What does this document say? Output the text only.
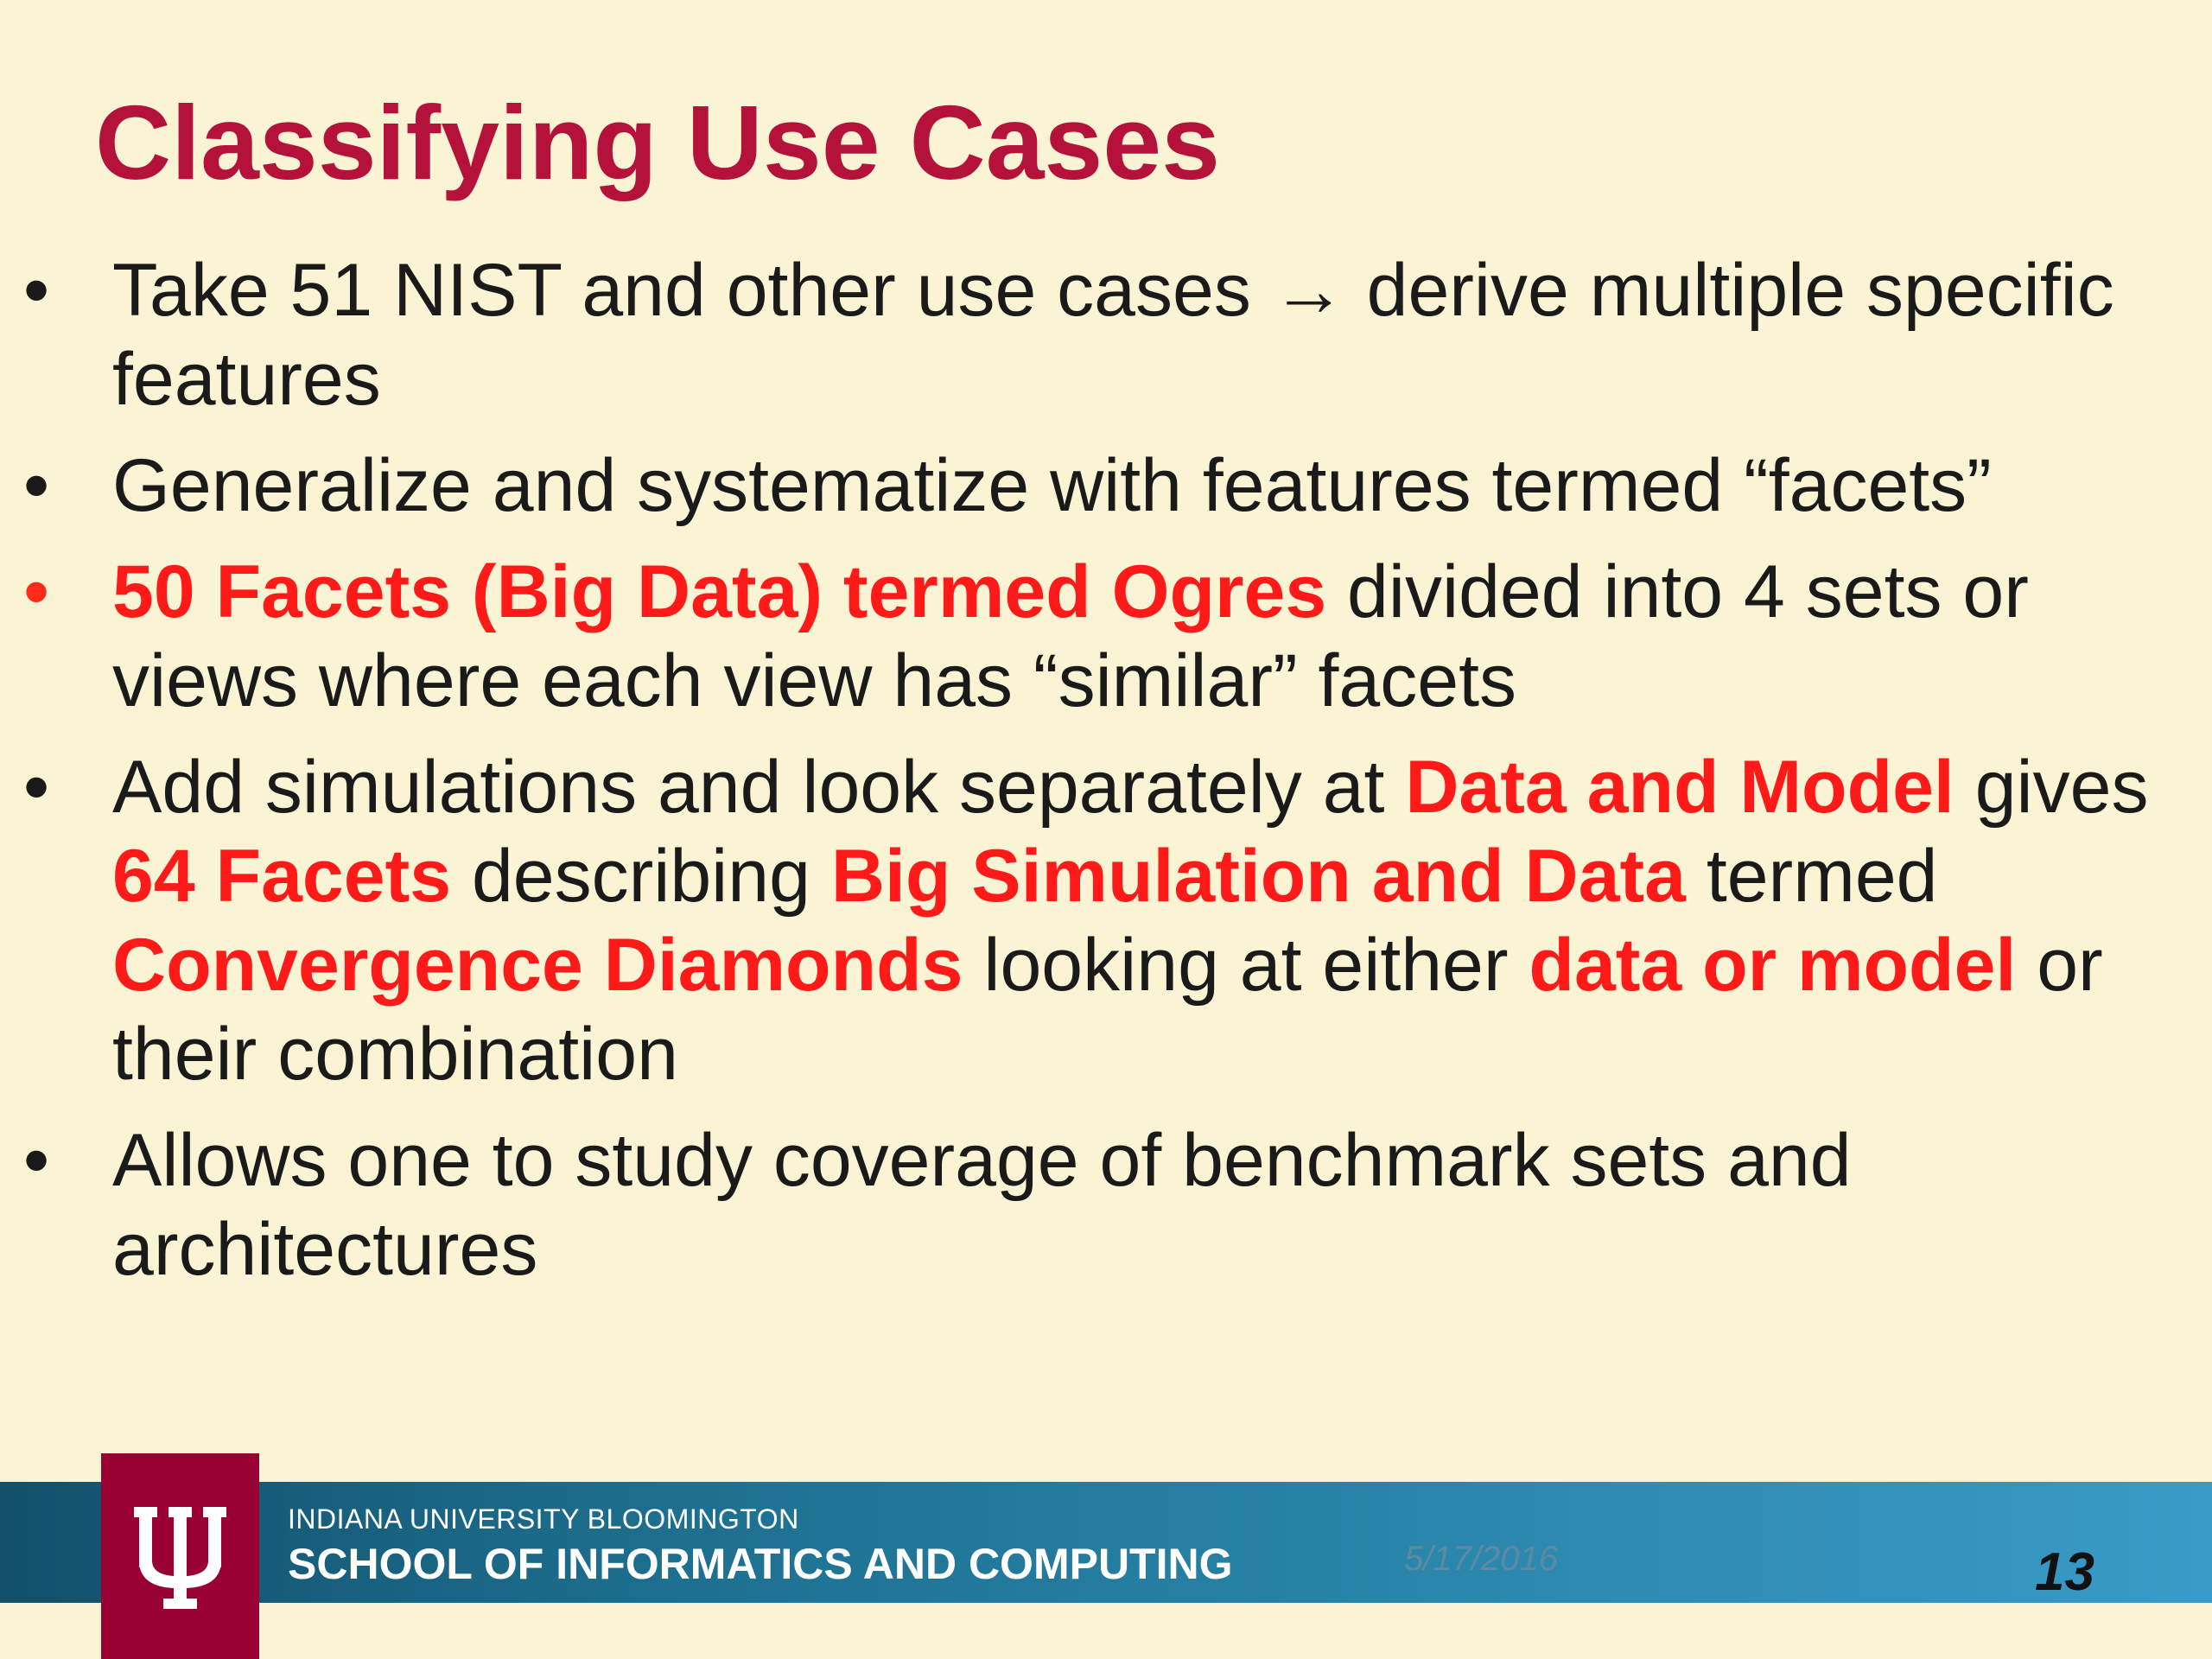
Classifying Use Cases
• Take 51 NIST and other use cases → derive multiple specific features
• Generalize and systematize with features termed “facets”
• 50 Facets (Big Data) termed Ogres divided into 4 sets or views where each view has “similar” facets
• Add simulations and look separately at Data and Model gives 64 Facets describing Big Simulation and Data termed Convergence Diamonds looking at either data or model or their combination
• Allows one to study coverage of benchmark sets and architectures
INDIANA UNIVERSITY BLOOMINGTON
SCHOOL OF INFORMATICS AND COMPUTING	5/17/2016	13
